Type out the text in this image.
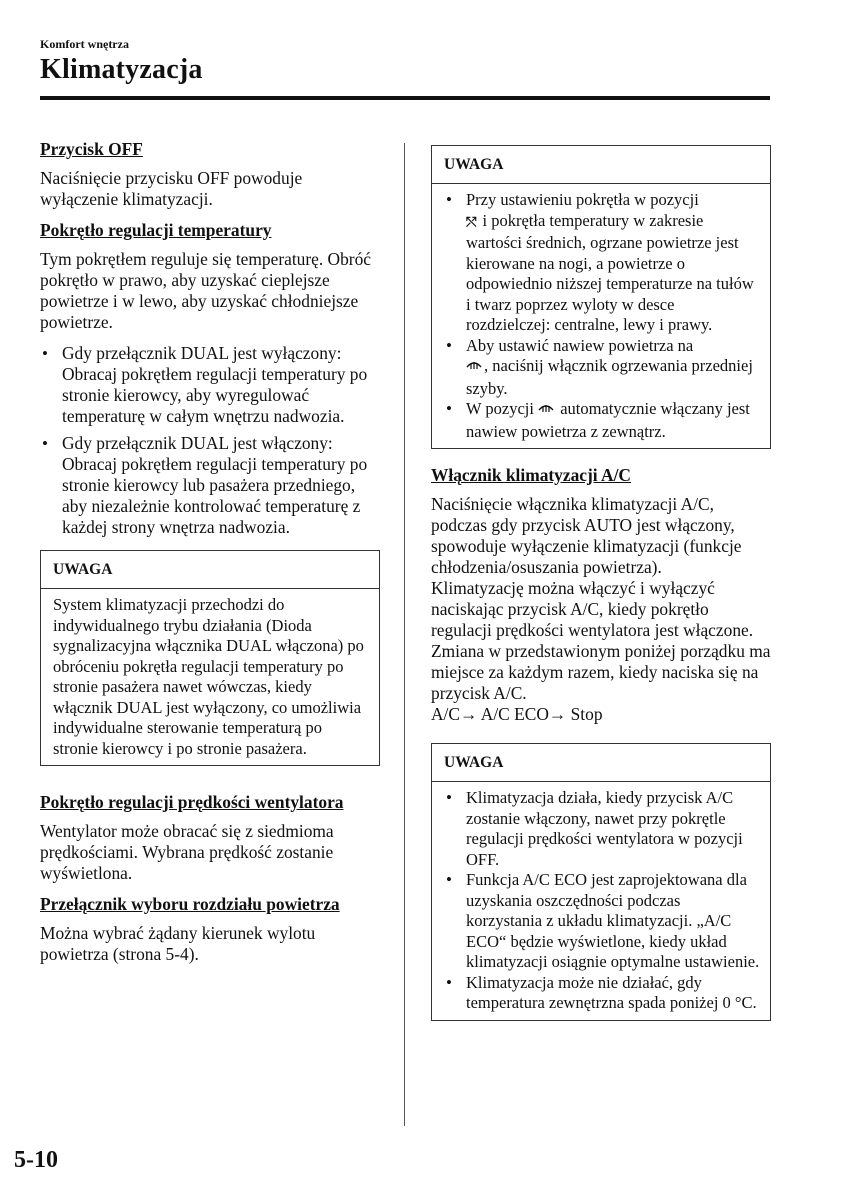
Komfort wnętrza
Klimatyzacja
Przycisk OFF
Naciśnięcie przycisku OFF powoduje wyłączenie klimatyzacji.
Pokrętło regulacji temperatury
Tym pokrętłem reguluje się temperaturę. Obróć pokrętło w prawo, aby uzyskać cieplejsze powietrze i w lewo, aby uzyskać chłodniejsze powietrze.
• Gdy przełącznik DUAL jest wyłączony: Obracaj pokrętłem regulacji temperatury po stronie kierowcy, aby wyregulować temperaturę w całym wnętrzu nadwozia.
• Gdy przełącznik DUAL jest włączony: Obracaj pokrętłem regulacji temperatury po stronie kierowcy lub pasażera przedniego, aby niezależnie kontrolować temperaturę z każdej strony wnętrza nadwozia.
UWAGA
System klimatyzacji przechodzi do indywidualnego trybu działania (Dioda sygnalizacyjna włącznika DUAL włączona) po obróceniu pokrętła regulacji temperatury po stronie pasażera nawet wówczas, kiedy włącznik DUAL jest wyłączony, co umożliwia indywidualne sterowanie temperaturą po stronie kierowcy i po stronie pasażera.
Pokrętło regulacji prędkości wentylatora
Wentylator może obracać się z siedmioma prędkościami. Wybrana prędkość zostanie wyświetlona.
Przełącznik wyboru rozdziału powietrza
Można wybrać żądany kierunek wylotu powietrza (strona 5-4).
UWAGA
• Przy ustawieniu pokrętła w pozycji
⤲ i pokrętła temperatury w zakresie wartości średnich, ogrzane powietrze jest kierowane na nogi, a powietrze o odpowiednio niższej temperaturze na tułów i twarz poprzez wyloty w desce rozdzielczej: centralne, lewy i prawy.
• Aby ustawić nawiew powietrza na
, naciśnij włącznik ogrzewania przedniej szyby.
• W pozycji automatycznie włączany jest nawiew powietrza z zewnątrz.
Włącznik klimatyzacji A/C
Naciśnięcie włącznika klimatyzacji A/C, podczas gdy przycisk AUTO jest włączony, spowoduje wyłączenie klimatyzacji (funkcje chłodzenia/osuszania powietrza).
Klimatyzację można włączyć i wyłączyć naciskając przycisk A/C, kiedy pokrętło regulacji prędkości wentylatora jest włączone.
Zmiana w przedstawionym poniżej porządku ma miejsce za każdym razem, kiedy naciska się na przycisk A/C.
A/C→ A/C ECO→ Stop
UWAGA
• Klimatyzacja działa, kiedy przycisk A/C zostanie włączony, nawet przy pokrętle regulacji prędkości wentylatora w pozycji OFF.
• Funkcja A/C ECO jest zaprojektowana dla uzyskania oszczędności podczas korzystania z układu klimatyzacji. „A/C ECO“ będzie wyświetlone, kiedy układ klimatyzacji osiągnie optymalne ustawienie.
• Klimatyzacja może nie działać, gdy temperatura zewnętrzna spada poniżej 0 °C.
5-10
